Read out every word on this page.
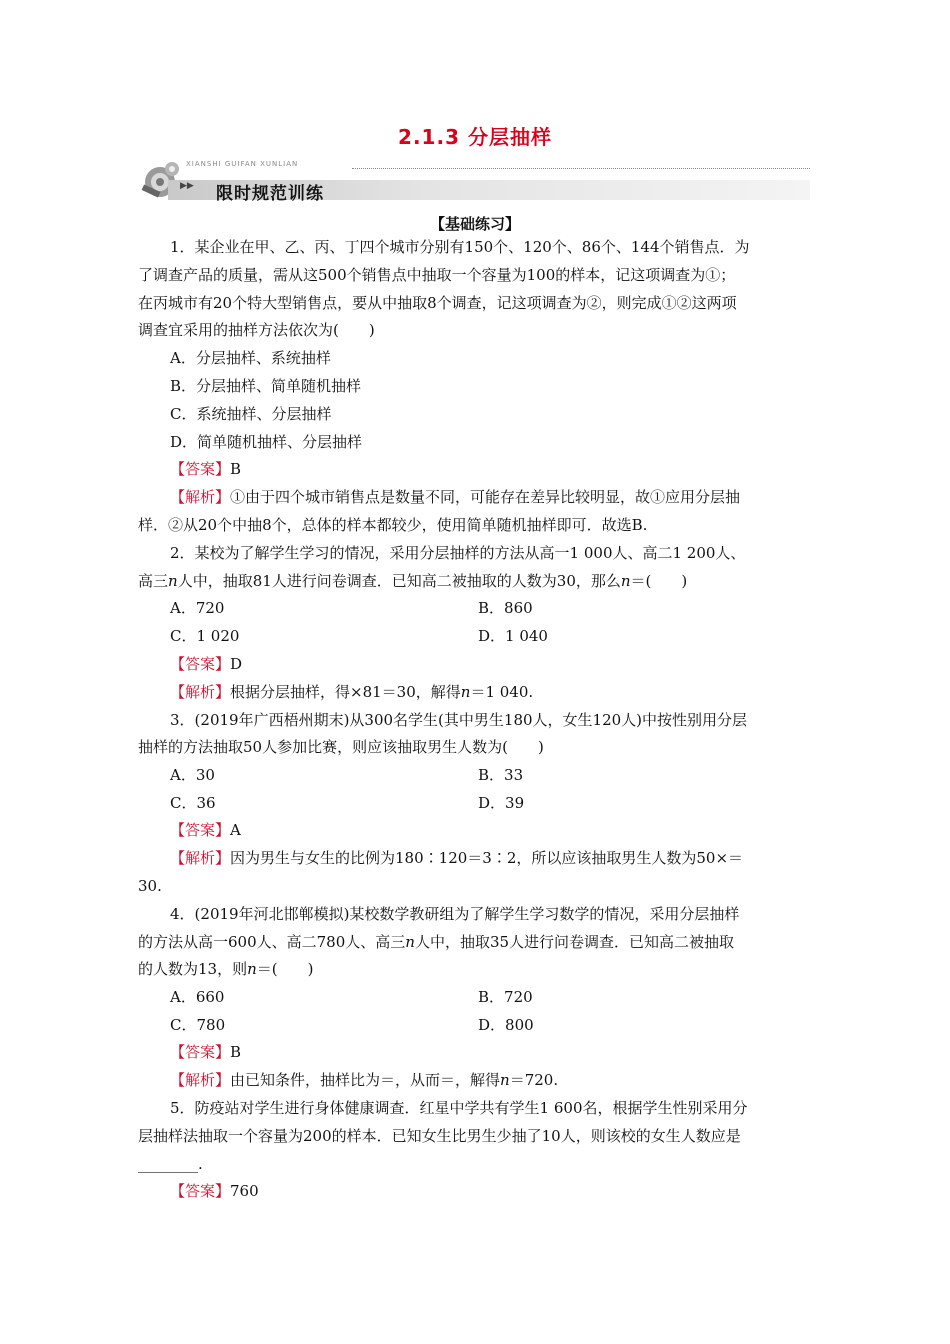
2.1.3 分层抽样
XIANSHI GUIFAN XUNLIAN
▶▶ 限时规范训练
【基础练习】
1．某企业在甲、乙、丙、丁四个城市分别有150个、120个、86个、144个销售点．为
了调查产品的质量，需从这500个销售点中抽取一个容量为100的样本，记这项调查为①；
在丙城市有20个特大型销售点，要从中抽取8个调查，记这项调查为②，则完成①②这两项
调查宜采用的抽样方法依次为(　　)
A．分层抽样、系统抽样
B．分层抽样、简单随机抽样
C．系统抽样、分层抽样
D．简单随机抽样、分层抽样
【答案】B
【解析】①由于四个城市销售点是数量不同，可能存在差异比较明显，故①应用分层抽
样．②从20个中抽8个，总体的样本都较少，使用简单随机抽样即可．故选B.
2．某校为了解学生学习的情况，采用分层抽样的方法从高一1 000人、高二1 200人、
高三n人中，抽取81人进行问卷调查．已知高二被抽取的人数为30，那么n＝(　　)
A．720	B．860
C．1 020	D．1 040
【答案】D
【解析】根据分层抽样，得×81＝30，解得n＝1 040.
3．(2019年广西梧州期末)从300名学生(其中男生180人，女生120人)中按性别用分层
抽样的方法抽取50人参加比赛，则应该抽取男生人数为(　　)
A．30	B．33
C．36	D．39
【答案】A
【解析】因为男生与女生的比例为180∶120＝3∶2，所以应该抽取男生人数为50×＝
30.
4．(2019年河北邯郸模拟)某校数学教研组为了解学生学习数学的情况，采用分层抽样
的方法从高一600人、高二780人、高三n人中，抽取35人进行问卷调查．已知高二被抽取
的人数为13，则n＝(　　)
A．660	B．720
C．780	D．800
【答案】B
【解析】由已知条件，抽样比为＝，从而＝，解得n＝720.
5．防疫站对学生进行身体健康调查．红星中学共有学生1 600名，根据学生性别采用分
层抽样法抽取一个容量为200的样本．已知女生比男生少抽了10人，则该校的女生人数应是
________.
【答案】760
